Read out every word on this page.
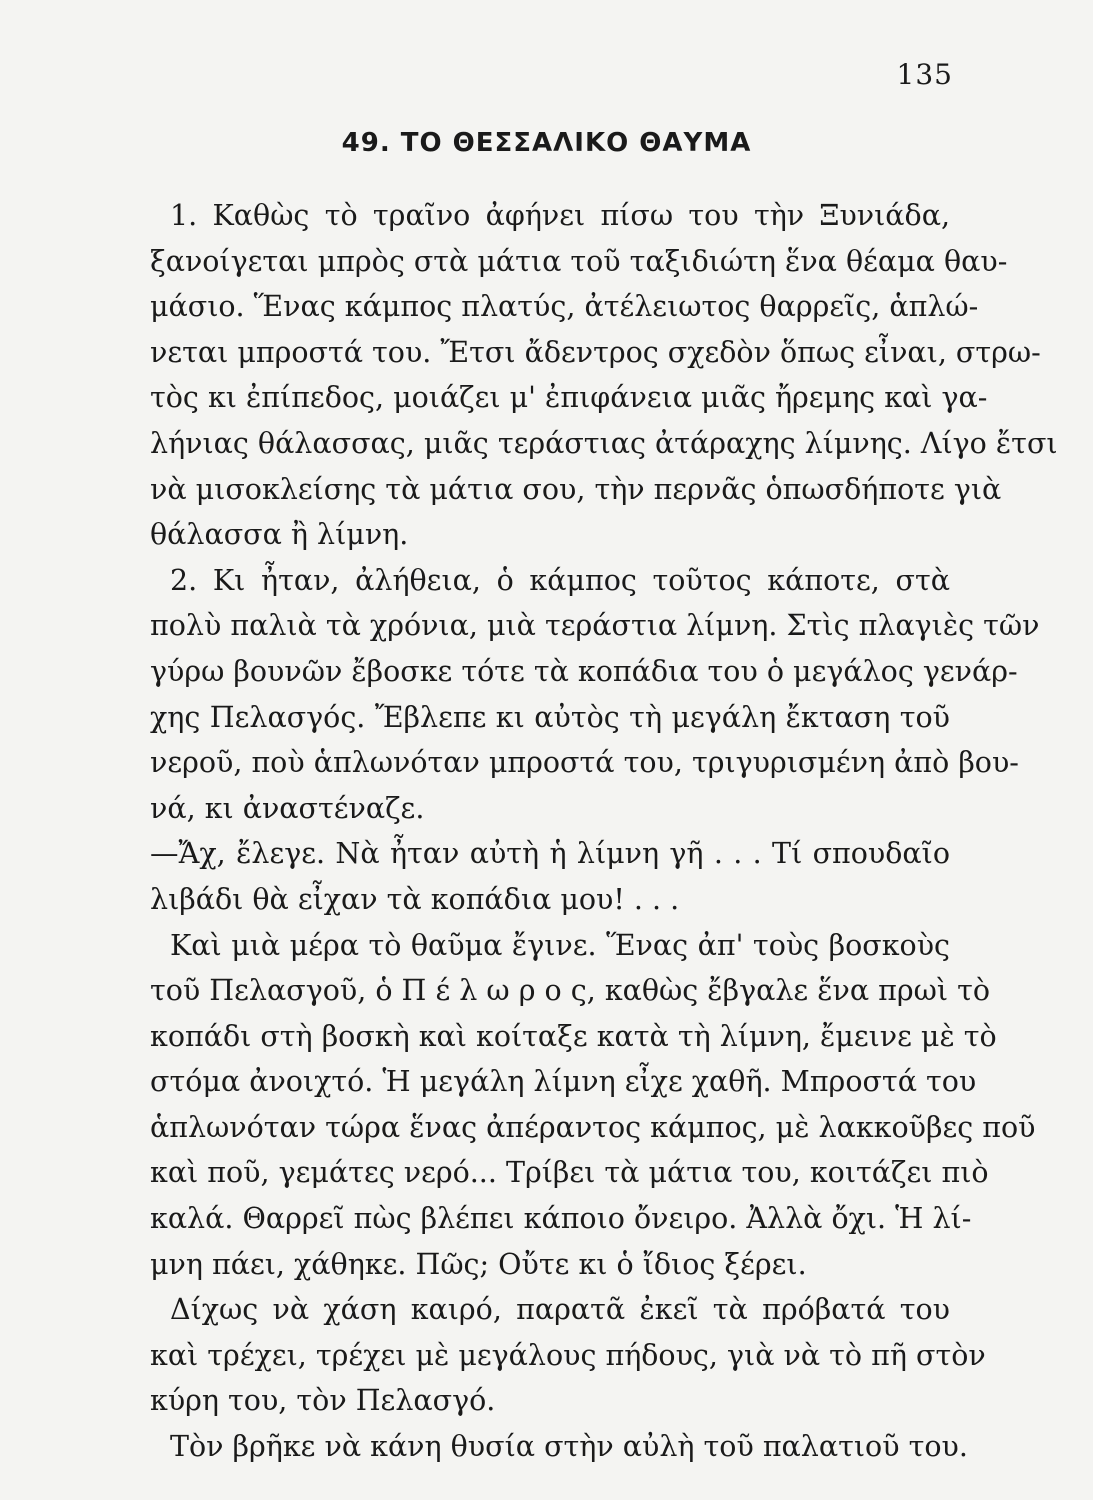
135
49. ΤΟ ΘΕΣΣΑΛΙΚΟ ΘΑΥΜΑ
1. Καθὼς τὸ τραῖνο ἀφήνει πίσω του τὴν Ξυνιάδα,
ξανοίγεται μπρὸς στὰ μάτια τοῦ ταξιδιώτη ἕνα θέαμα θαυ-
μάσιο. Ἕνας κάμπος πλατύς, ἀτέλειωτος θαρρεῖς, ἁπλώ-
νεται μπροστά του. Ἔτσι ἄδεντρος σχεδὸν ὅπως εἶναι, στρω-
τὸς κι ἐπίπεδος, μοιάζει μ' ἐπιφάνεια μιᾶς ἤρεμης καὶ γα-
λήνιας θάλασσας, μιᾶς τεράστιας ἀτάραχης λίμνης. Λίγο ἔτσι
νὰ μισοκλείσης τὰ μάτια σου, τὴν περνᾶς ὁπωσδήποτε γιὰ
θάλασσα ἢ λίμνη.
2. Κι ἦταν, ἀλήθεια, ὁ κάμπος τοῦτος κάποτε, στὰ
πολὺ παλιὰ τὰ χρόνια, μιὰ τεράστια λίμνη. Στὶς πλαγιὲς τῶν
γύρω βουνῶν ἔβοσκε τότε τὰ κοπάδια του ὁ μεγάλος γενάρ-
χης Πελασγός. Ἔβλεπε κι αὐτὸς τὴ μεγάλη ἔκταση τοῦ
νεροῦ, ποὺ ἁπλωνόταν μπροστά του, τριγυρισμένη ἀπὸ βου-
νά, κι ἀναστέναζε.
—Ἄχ, ἔλεγε. Νὰ ἦταν αὐτὴ ἡ λίμνη γῆ . . . Τί σπουδαῖο
λιβάδι θὰ εἶχαν τὰ κοπάδια μου! . . .
Καὶ μιὰ μέρα τὸ θαῦμα ἔγινε. Ἕνας ἀπ' τοὺς βοσκοὺς
τοῦ Πελασγοῦ, ὁ Π έ λ ω ρ ο ς, καθὼς ἔβγαλε ἕνα πρωὶ τὸ
κοπάδι στὴ βοσκὴ καὶ κοίταξε κατὰ τὴ λίμνη, ἔμεινε μὲ τὸ
στόμα ἀνοιχτό. Ἡ μεγάλη λίμνη εἶχε χαθῆ. Μπροστά του
ἁπλωνόταν τώρα ἕνας ἀπέραντος κάμπος, μὲ λακκοῦβες ποῦ
καὶ ποῦ, γεμάτες νερό... Τρίβει τὰ μάτια του, κοιτάζει πιὸ
καλά. Θαρρεῖ πὼς βλέπει κάποιο ὄνειρο. Ἀλλὰ ὄχι. Ἡ λί-
μνη πάει, χάθηκε. Πῶς; Οὔτε κι ὁ ἴδιος ξέρει.
Δίχως νὰ χάση καιρό, παρατᾶ ἐκεῖ τὰ πρόβατά του
καὶ τρέχει, τρέχει μὲ μεγάλους πήδους, γιὰ νὰ τὸ πῆ στὸν
κύρη του, τὸν Πελασγό.
Τὸν βρῆκε νὰ κάνη θυσία στὴν αὐλὴ τοῦ παλατιοῦ του.
